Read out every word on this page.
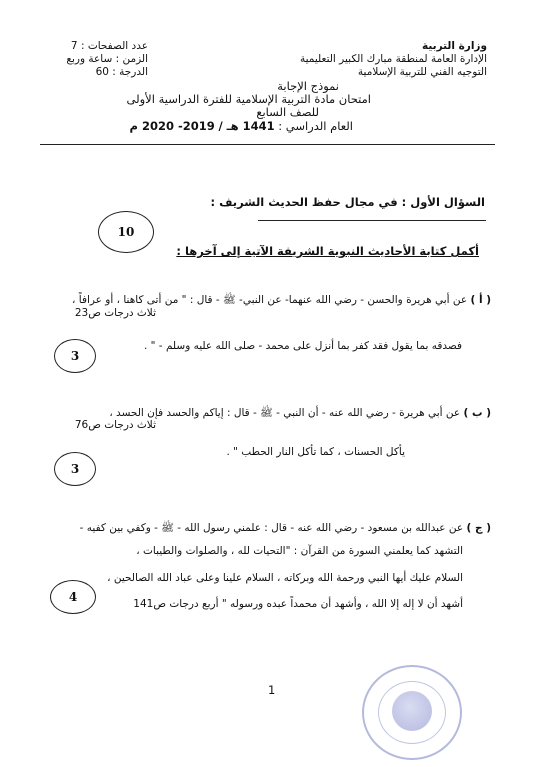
وزارة التربية
الإدارة العامة لمنطقة مبارك الكبير التعليمية
التوجيه الفني للتربية الإسلامية
عدد الصفحات : 7
الزمن : ساعة وربع
الدرجة : 60
نموذج الإجابة
امتحان مادة التربية الإسلامية للفترة الدراسية الأولى
للصف السابع
العام الدراسي : 1441 هـ / 2019- 2020 م
السؤال الأول : في مجال حفظ الحديث الشريف :
10
أكمل كتابة الأحاديث النبوية الشريفة الآتية إلى آخرها :
( أ ) عن أبي هريرة والحسن - رضي الله عنهما- عن النبي- ﷺ - قال : " من أتى كاهنا ، أو عرافاً ،
ثلاث درجات ص23
فصدقه بما يقول فقد كفر بما أنزل على محمد - صلى الله عليه وسلم - " .
3
( ب ) عن أبي هريرة - رضي الله عنه - أن النبي - ﷺ - قال : إياكم والحسد فإن الحسد ،
ثلاث درجات ص76
يأكل الحسنات ، كما تأكل النار الحطب " .
3
( ج ) عن عبدالله بن مسعود - رضي الله عنه - قال : علمني رسول الله - ﷺ - وكفي بين كفيه -
التشهد كما يعلمني السورة من القرآن : "التحيات لله ، والصلوات والطيبات ،
السلام عليك أيها النبي ورحمة الله وبركاته ، السلام علينا وعلى عباد الله الصالحين ،
أشهد أن لا إله إلا الله ، وأشهد أن محمداً عبده ورسوله " أربع درجات ص141
4
1
